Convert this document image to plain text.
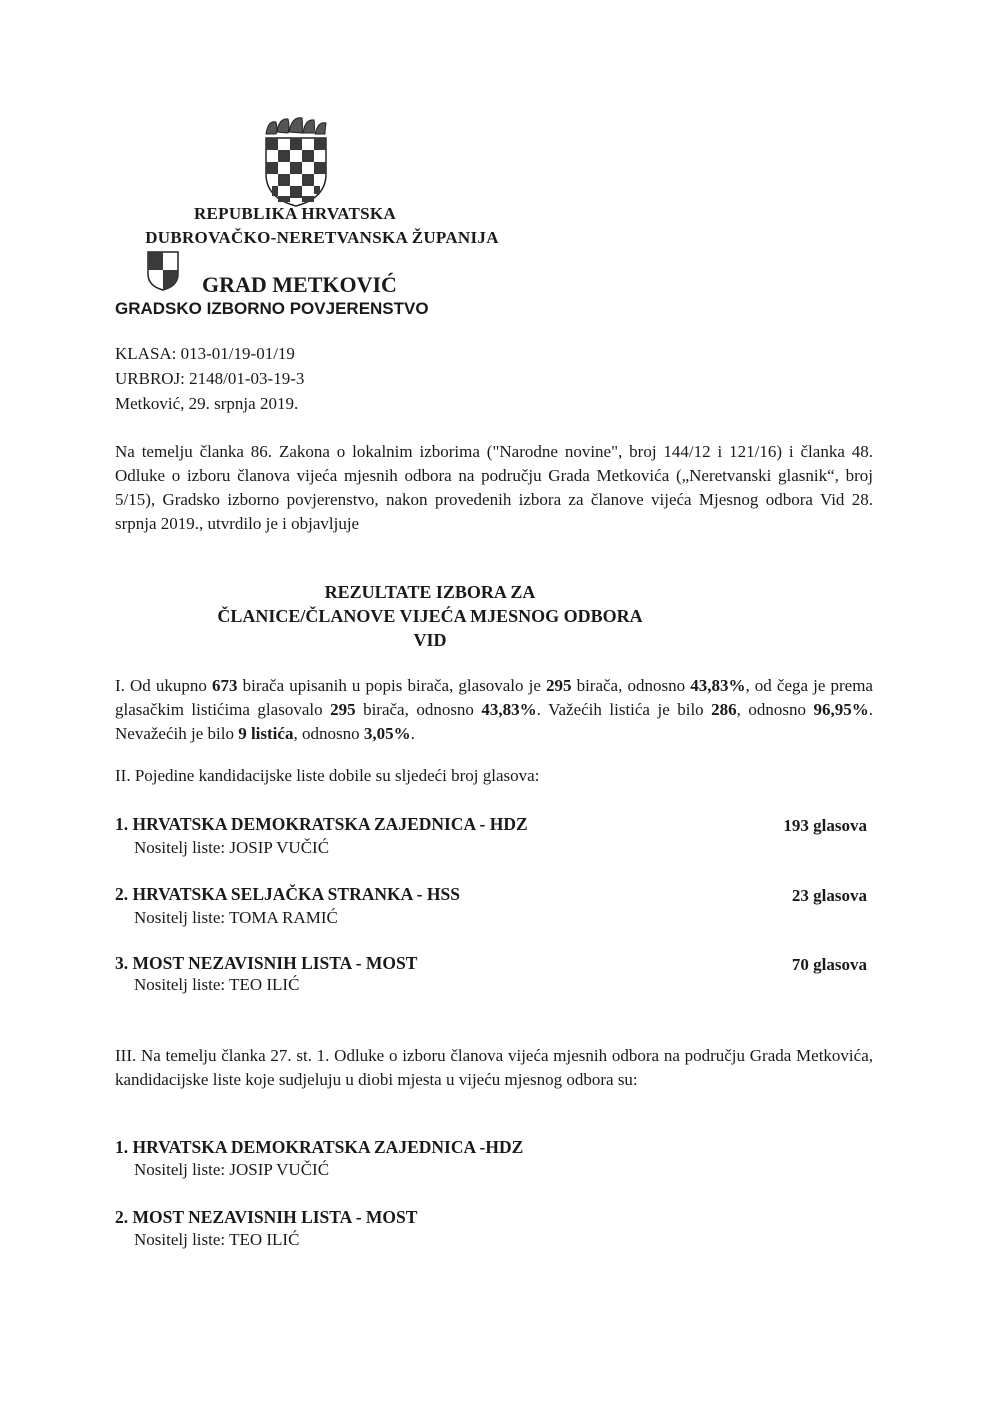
REPUBLIKA HRVATSKA
DUBROVAČKO-NERETVANSKA ŽUPANIJA
GRAD METKOVIĆ
GRADSKO IZBORNO POVJERENSTVO
KLASA: 013-01/19-01/19
URBROJ: 2148/01-03-19-3
Metković, 29. srpnja 2019.
Na temelju članka 86. Zakona o lokalnim izborima ("Narodne novine", broj 144/12 i 121/16) i članka 48. Odluke o izboru članova vijeća mjesnih odbora na području Grada Metkovića („Neretvanski glasnik“, broj 5/15), Gradsko izborno povjerenstvo, nakon provedenih izbora za članove vijeća Mjesnog odbora Vid 28. srpnja 2019., utvrdilo je i objavljuje
REZULTATE IZBORA ZA
ČLANICE/ČLANOVE VIJEĆA MJESNOG ODBORA
VID
I. Od ukupno 673 birača upisanih u popis birača, glasovalo je 295 birača, odnosno 43,83%, od čega je prema glasačkim listićima glasovalo 295 birača, odnosno 43,83%. Važećih listića je bilo 286, odnosno 96,95%. Nevažećih je bilo 9 listića, odnosno 3,05%.
II. Pojedine kandidacijske liste dobile su sljedeći broj glasova:
1. HRVATSKA DEMOKRATSKA ZAJEDNICA - HDZ	193 glasova
Nositelj liste: JOSIP VUČIĆ
2. HRVATSKA SELJAČKA STRANKA - HSS	23 glasova
Nositelj liste: TOMA RAMIĆ
3. MOST NEZAVISNIH LISTA - MOST	70 glasova
Nositelj liste: TEO ILIĆ
III. Na temelju članka 27. st. 1. Odluke o izboru članova vijeća mjesnih odbora na području Grada Metkovića, kandidacijske liste koje sudjeluju u diobi mjesta u vijeću mjesnog odbora su:
1. HRVATSKA DEMOKRATSKA ZAJEDNICA -HDZ
Nositelj liste: JOSIP VUČIĆ
2. MOST NEZAVISNIH LISTA - MOST
Nositelj liste: TEO ILIĆ
